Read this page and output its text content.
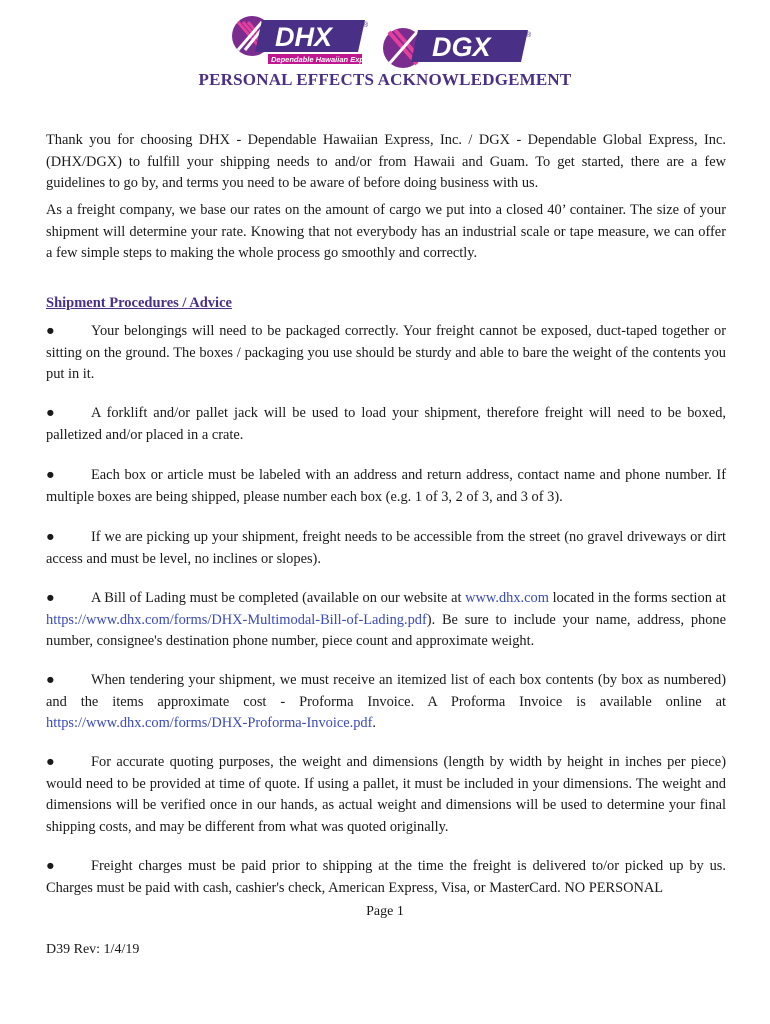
DHX	®
Dependable Hawaiian Express DGX	®
PERSONAL EFFECTS ACKNOWLEDGEMENT

Thank you for choosing DHX - Dependable Hawaiian Express, Inc. / DGX - Dependable Global Express, Inc. (DHX/DGX) to fulfill your shipping needs to and/or from Hawaii and Guam. To get started, there are a few guidelines to go by, and terms you need to be aware of before doing business with us.

As a freight company, we base our rates on the amount of cargo we put into a closed 40’ container. The size of your shipment will determine your rate. Knowing that not everybody has an industrial scale or tape measure, we can offer a few simple steps to making the whole process go smoothly and correctly.

Shipment Procedures / Advice

●	Your belongings will need to be packaged correctly. Your freight cannot be exposed, duct-taped together or sitting on the ground. The boxes / packaging you use should be sturdy and able to bare the weight of the contents you put in it.

●	A forklift and/or pallet jack will be used to load your shipment, therefore freight will need to be boxed, palletized and/or placed in a crate.

●	Each box or article must be labeled with an address and return address, contact name and phone number. If multiple boxes are being shipped, please number each box (e.g. 1 of 3, 2 of 3, and 3 of 3).

●	If we are picking up your shipment, freight needs to be accessible from the street (no gravel driveways or dirt access and must be level, no inclines or slopes).

●	A Bill of Lading must be completed (available on our website at www.dhx.com located in the forms section at https://www.dhx.com/forms/DHX-Multimodal-Bill-of-Lading.pdf). Be sure to include your name, address, phone number, consignee's destination phone number, piece count and approximate weight.

●	When tendering your shipment, we must receive an itemized list of each box contents (by box as numbered) and the items approximate cost - Proforma Invoice. A Proforma Invoice is available online at https://www.dhx.com/forms/DHX-Proforma-Invoice.pdf.

●	For accurate quoting purposes, the weight and dimensions (length by width by height in inches per piece) would need to be provided at time of quote. If using a pallet, it must be included in your dimensions. The weight and dimensions will be verified once in our hands, as actual weight and dimensions will be used to determine your final shipping costs, and may be different from what was quoted originally.

●	Freight charges must be paid prior to shipping at the time the freight is delivered to/or picked up by us. Charges must be paid with cash, cashier's check, American Express, Visa, or MasterCard. NO PERSONAL

Page 1
D39 Rev: 1/4/19
